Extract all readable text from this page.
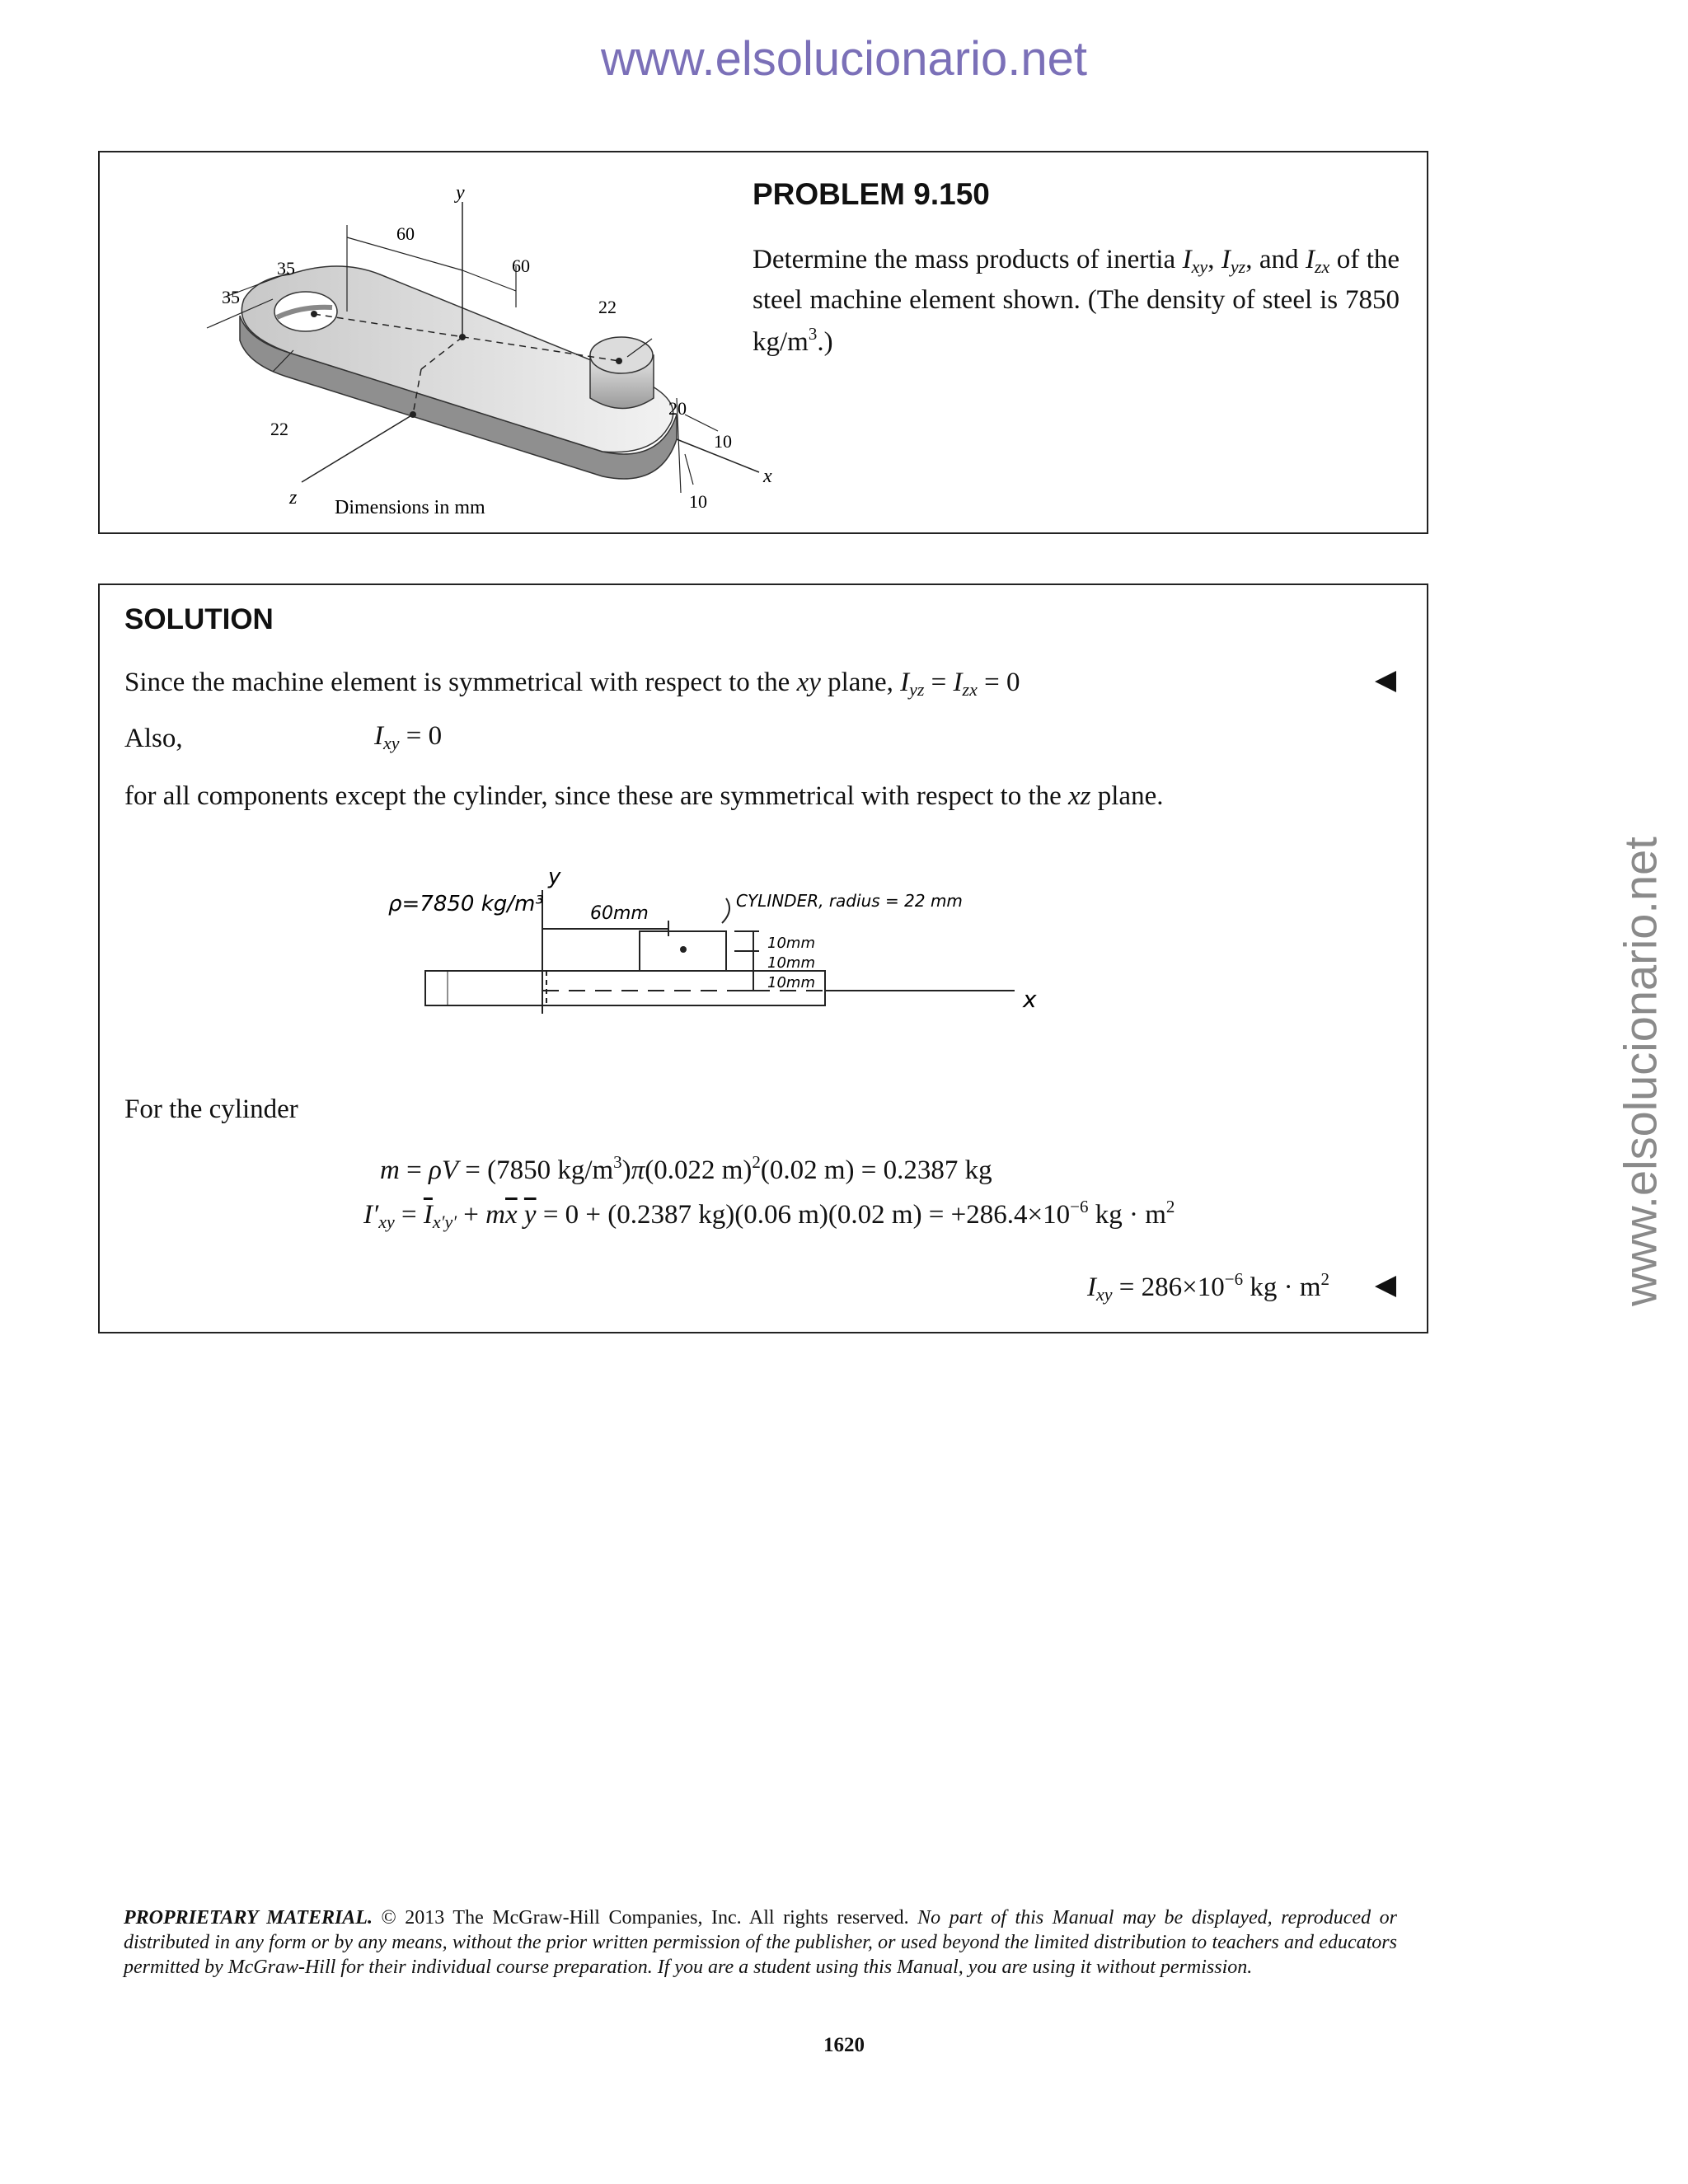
www.elsolucionario.net
www.elsolucionario.net
y
x
z
60
60
35
35	22
22
20
10
10
Dimensions in mm
PROBLEM 9.150
Determine the mass products of inertia $I_{xy}$, $I_{yz}$, and $I_{zx}$ of the steel machine element shown. (The density of steel is 7850 $kg/m^3$.)
SOLUTION
Since the machine element is symmetrical with respect to the xy plane, $I_{yz} = I_{zx} = 0$
Also,	$I_{xy} = 0$
for all components except the cylinder, since these are symmetrical with respect to the xz plane.
ρ=7850 kg/m³
y
60mm
CYLINDER, radius = 22 mm
10mm
10mm
10mm
x
For the cylinder
m = ρV = (7850 $kg/m^3)\pi(0.022$ m)$^2$(0.02 m) = 0.2387 kg
$I'_{xy} = \overline{I}_{x'y'} + m\overline{x}$ $\overline{y} = 0 + (0.2387$ kg)(0.06 m)(0.02 $m) = +286.4\times 10^{-6}$ kg · $m^2$
$I_{xy} = 286\times 10^{-6}$ kg · $m^2$
PROPRIETARY MATERIAL. © 2013 The McGraw-Hill Companies, Inc. All rights reserved. No part of this Manual may be displayed, reproduced or distributed in any form or by any means, without the prior written permission of the publisher, or used beyond the limited distribution to teachers and educators permitted by McGraw-Hill for their individual course preparation. If you are a student using this Manual, you are using it without permission.
1620
